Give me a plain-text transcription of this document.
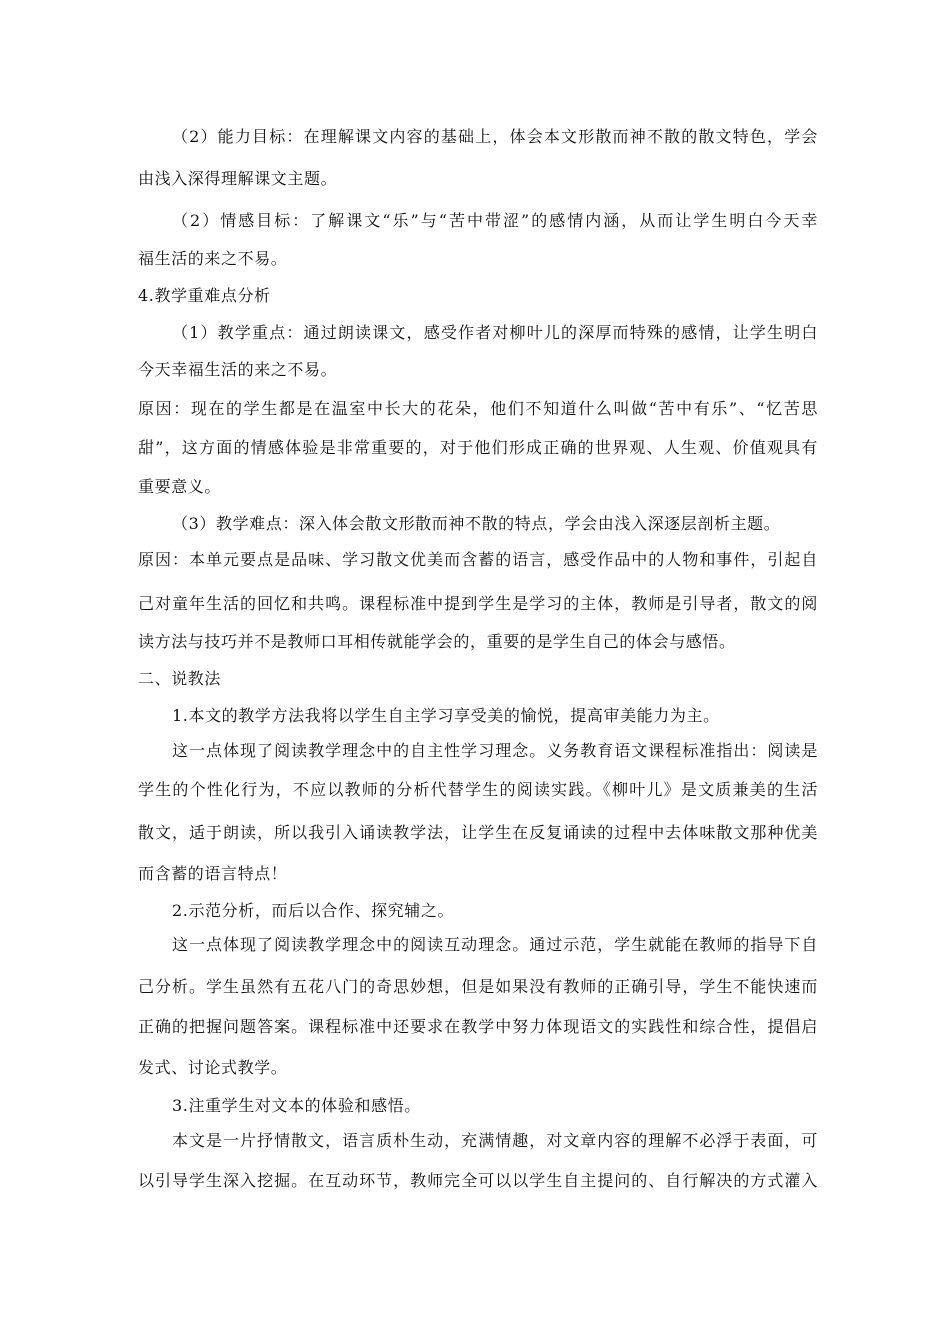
（2）能力目标：在理解课文内容的基础上，体会本文形散而神不散的散文特色，学会
由浅入深得理解课文主题。
（2）情感目标：了解课文“乐”与“苦中带涩”的感情内涵，从而让学生明白今天幸
福生活的来之不易。
4.教学重难点分析
（1）教学重点：通过朗读课文，感受作者对柳叶儿的深厚而特殊的感情，让学生明白
今天幸福生活的来之不易。
原因：现在的学生都是在温室中长大的花朵，他们不知道什么叫做“苦中有乐”、“忆苦思
甜”，这方面的情感体验是非常重要的，对于他们形成正确的世界观、人生观、价值观具有
重要意义。
（3）教学难点：深入体会散文形散而神不散的特点，学会由浅入深逐层剖析主题。
原因：本单元要点是品味、学习散文优美而含蓄的语言，感受作品中的人物和事件，引起自
己对童年生活的回忆和共鸣。课程标准中提到学生是学习的主体，教师是引导者，散文的阅
读方法与技巧并不是教师口耳相传就能学会的，重要的是学生自己的体会与感悟。
二、说教法
1.本文的教学方法我将以学生自主学习享受美的愉悦，提高审美能力为主。
这一点体现了阅读教学理念中的自主性学习理念。义务教育语文课程标准指出：阅读是
学生的个性化行为，不应以教师的分析代替学生的阅读实践。《柳叶儿》是文质兼美的生活
散文，适于朗读，所以我引入诵读教学法，让学生在反复诵读的过程中去体味散文那种优美
而含蓄的语言特点！
2.示范分析，而后以合作、探究辅之。
这一点体现了阅读教学理念中的阅读互动理念。通过示范，学生就能在教师的指导下自
己分析。学生虽然有五花八门的奇思妙想，但是如果没有教师的正确引导，学生不能快速而
正确的把握问题答案。课程标准中还要求在教学中努力体现语文的实践性和综合性，提倡启
发式、讨论式教学。
3.注重学生对文本的体验和感悟。
本文是一片抒情散文，语言质朴生动，充满情趣，对文章内容的理解不必浮于表面，可
以引导学生深入挖掘。在互动环节，教师完全可以以学生自主提问的、自行解决的方式灌入
